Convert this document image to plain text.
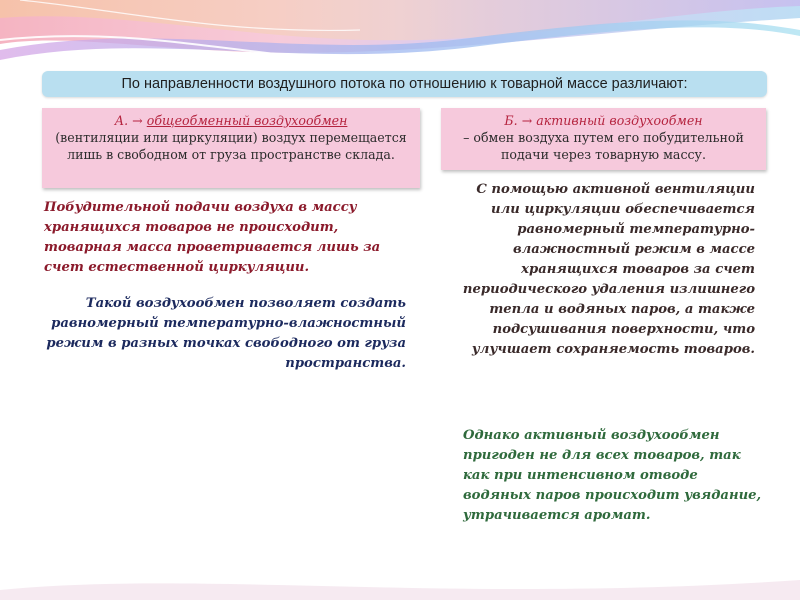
По направленности воздушного потока по отношению к товарной массе различают:
А. → общеобменный воздухообмен
(вентиляции или циркуляции) воздух перемещается лишь в свободном от груза пространстве склада.
Б. → активный воздухообмен
– обмен воздуха путем его побудительной подачи через товарную массу.
Побудительной подачи воздуха в массу хранящихся товаров не происходит, товарная масса проветривается лишь за счет естественной циркуляции.
Такой воздухообмен позволяет создать равномерный температурно-влажностный режим в разных точках свободного от груза пространства.
С помощью активной вентиляции или циркуляции обеспечивается равномерный температурно-влажностный режим в массе хранящихся товаров за счет периодического удаления излишнего тепла и водяных паров, а также подсушивания поверхности, что улучшает сохраняемость товаров.
Однако активный воздухообмен пригоден не для всех товаров, так как при интенсивном отводе водяных паров происходит увядание, утрачивается аромат.
